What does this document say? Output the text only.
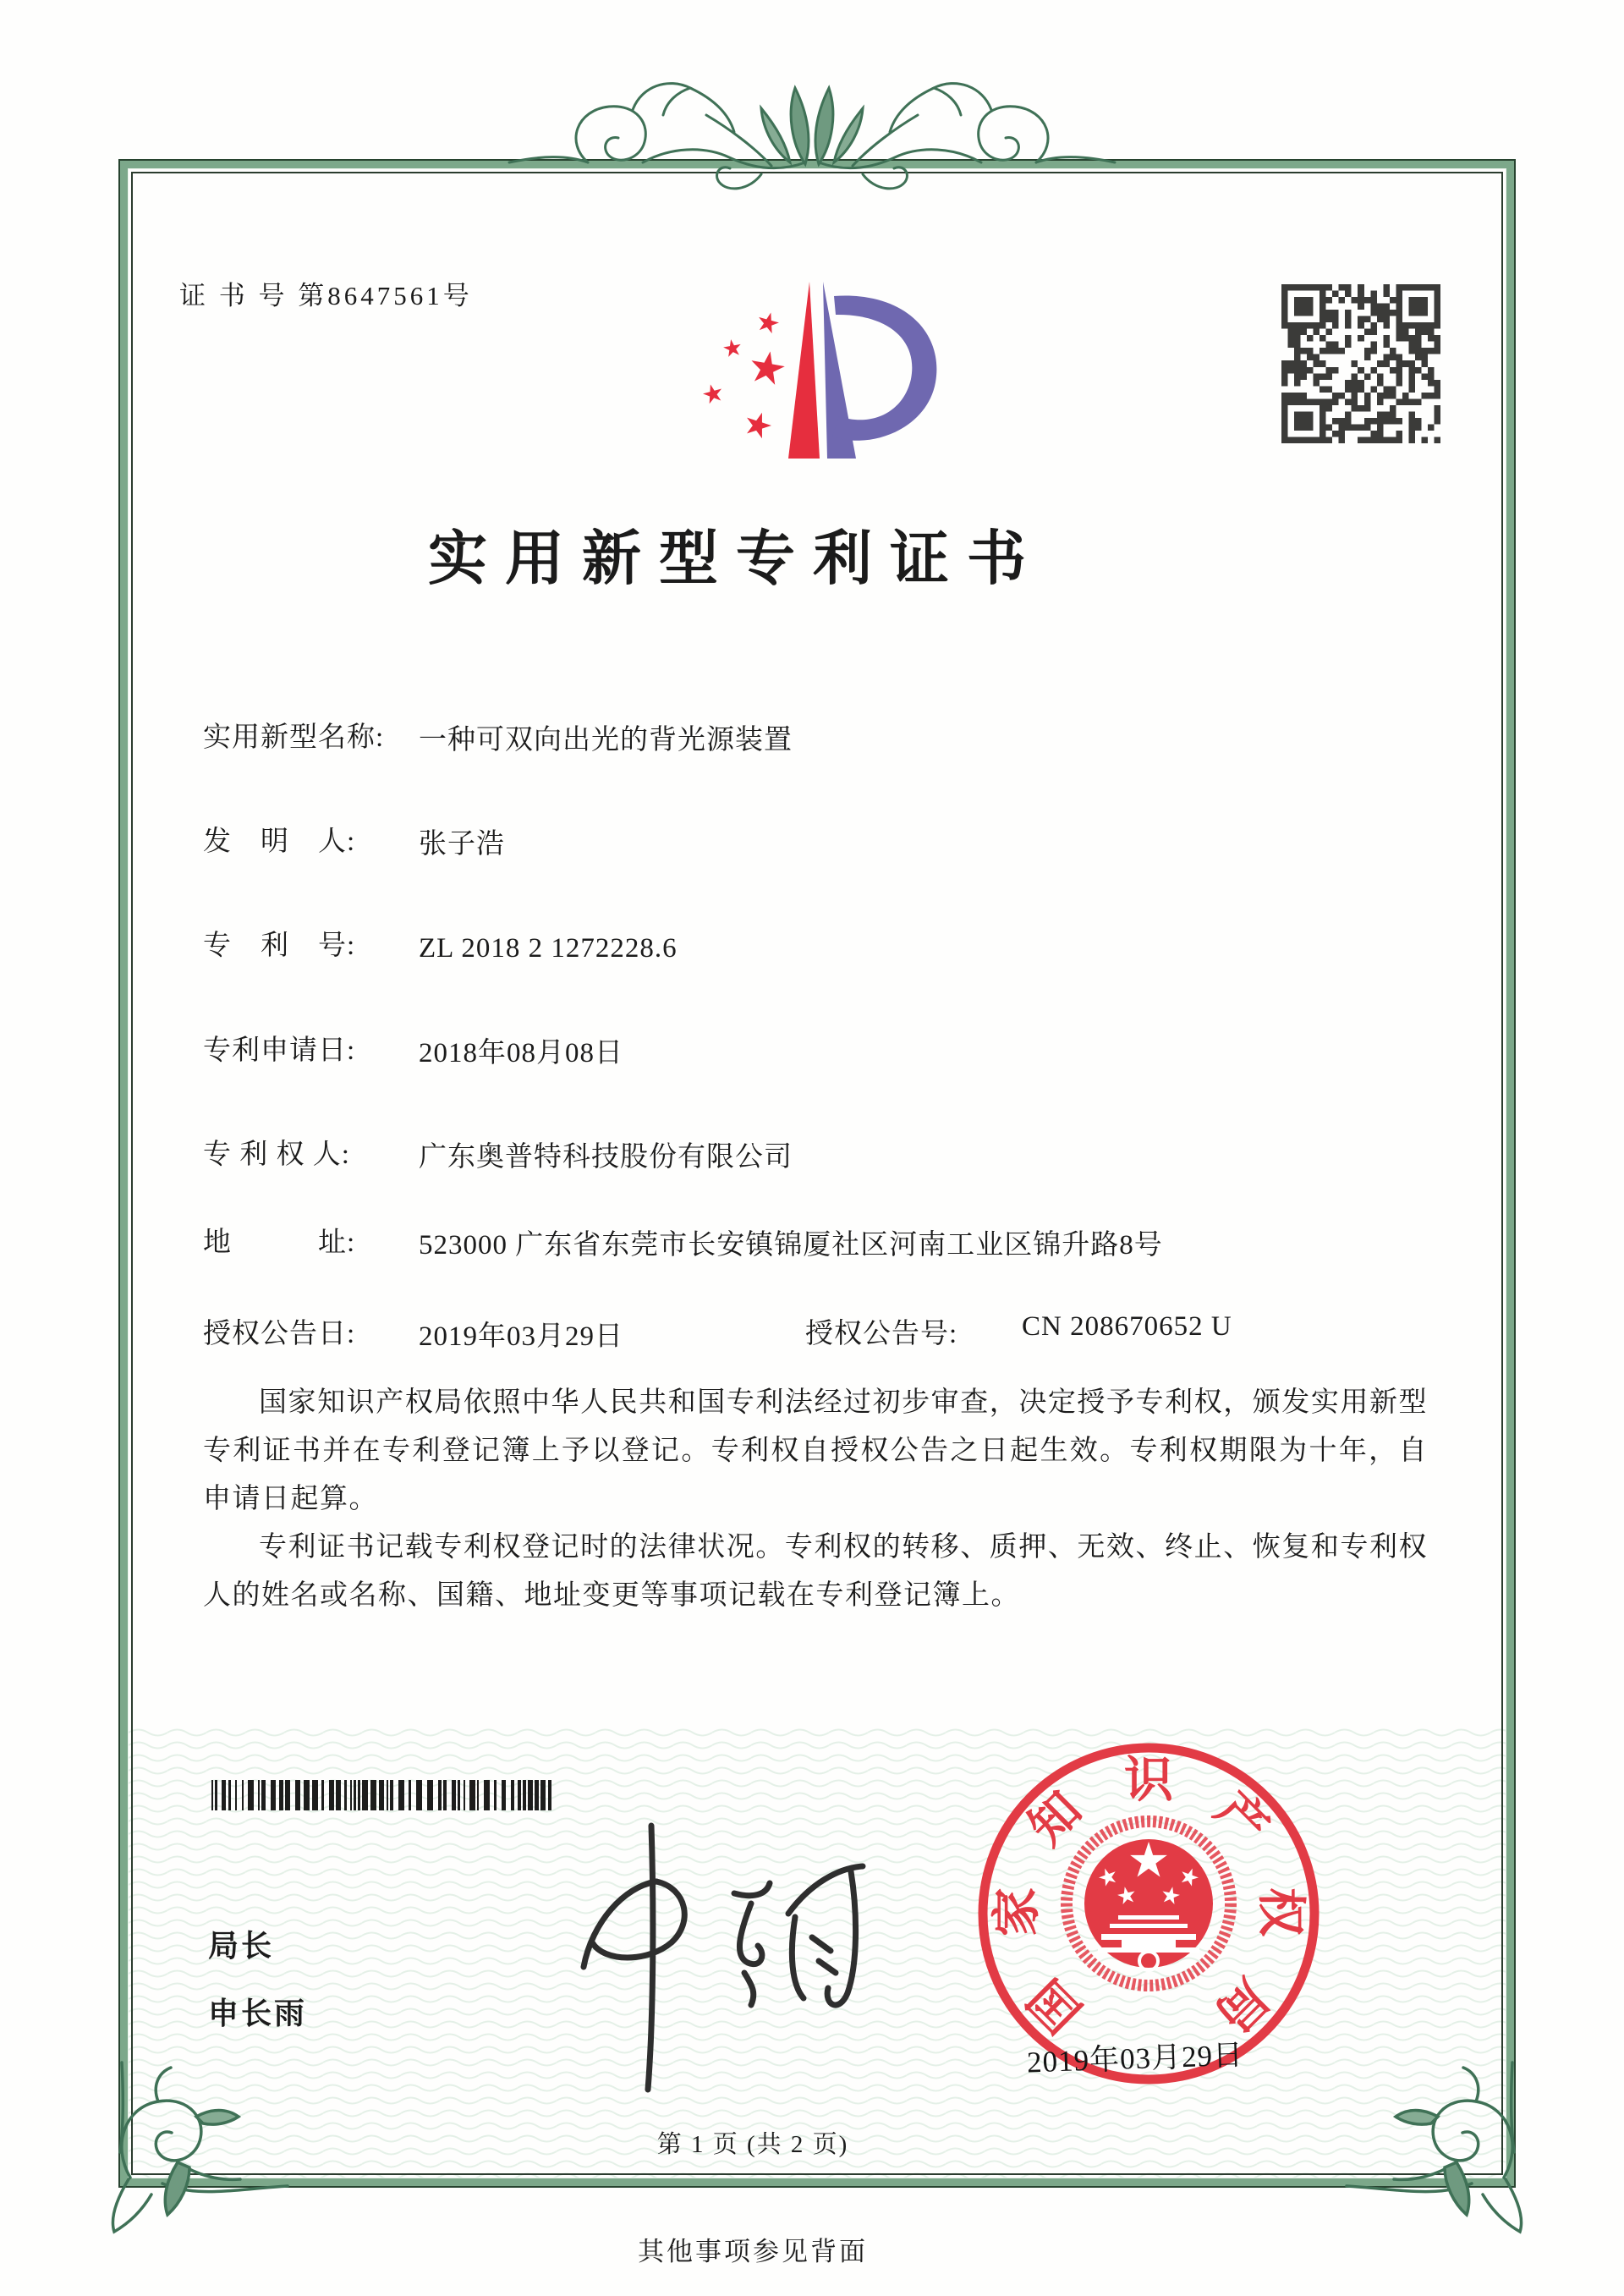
证 书 号 第8647561号
实用新型专利证书
实用新型名称: 一种可双向出光的背光源装置
发　明　人: 张子浩
专　利　号: ZL 2018 2 1272228.6
专利申请日: 2018年08月08日
专 利 权 人: 广东奥普特科技股份有限公司
地　　　址: 523000 广东省东莞市长安镇锦厦社区河南工业区锦升路8号
授权公告日: 2019年03月29日	授权公告号: CN 208670652 U

国家知识产权局依照中华人民共和国专利法经过初步审查，决定授予专利权，颁发实用新型专利证书并在专利登记簿上予以登记。专利权自授权公告之日起生效。专利权期限为十年，自申请日起算。

专利证书记载专利权登记时的法律状况。专利权的转移、质押、无效、终止、恢复和专利权人的姓名或名称、国籍、地址变更等事项记载在专利登记簿上。

局长
申长雨	国
家
知
识
产
权
局
2019年03月29日
第 1 页 (共 2 页)
其他事项参见背面
